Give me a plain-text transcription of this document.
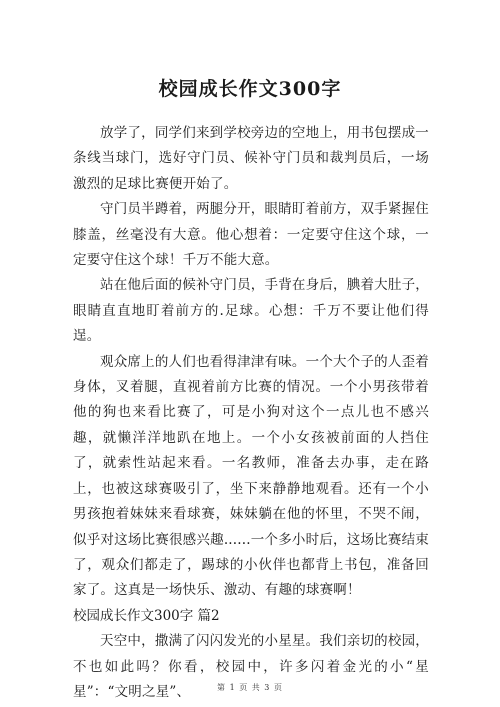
校园成长作文300字

放学了，同学们来到学校旁边的空地上，用书包摆成一条线当球门，选好守门员、候补守门员和裁判员后，一场激烈的足球比赛便开始了。

守门员半蹲着，两腿分开，眼睛盯着前方，双手紧握住膝盖，丝毫没有大意。他心想着：一定要守住这个球，一定要守住这个球！千万不能大意。

站在他后面的候补守门员，手背在身后，腆着大肚子，眼睛直直地盯着前方的.足球。心想：千万不要让他们得逞。

观众席上的人们也看得津津有味。一个大个子的人歪着身体，叉着腿，直视着前方比赛的情况。一个小男孩带着他的狗也来看比赛了，可是小狗对这个一点儿也不感兴趣，就懒洋洋地趴在地上。一个小女孩被前面的人挡住了，就索性站起来看。一名教师，准备去办事，走在路上，也被这球赛吸引了，坐下来静静地观看。还有一个小男孩抱着妹妹来看球赛，妹妹躺在他的怀里，不哭不闹，似乎对这场比赛很感兴趣......一个多小时后，这场比赛结束了，观众们都走了，踢球的小伙伴也都背上书包，准备回家了。这真是一场快乐、激动、有趣的球赛啊！

校园成长作文300字 篇2

天空中，撒满了闪闪发光的小星星。我们亲切的校园，不也如此吗？你看，校园中，许多闪着金光的小“星星”：“文明之星”、	第 1 页 共 3 页
